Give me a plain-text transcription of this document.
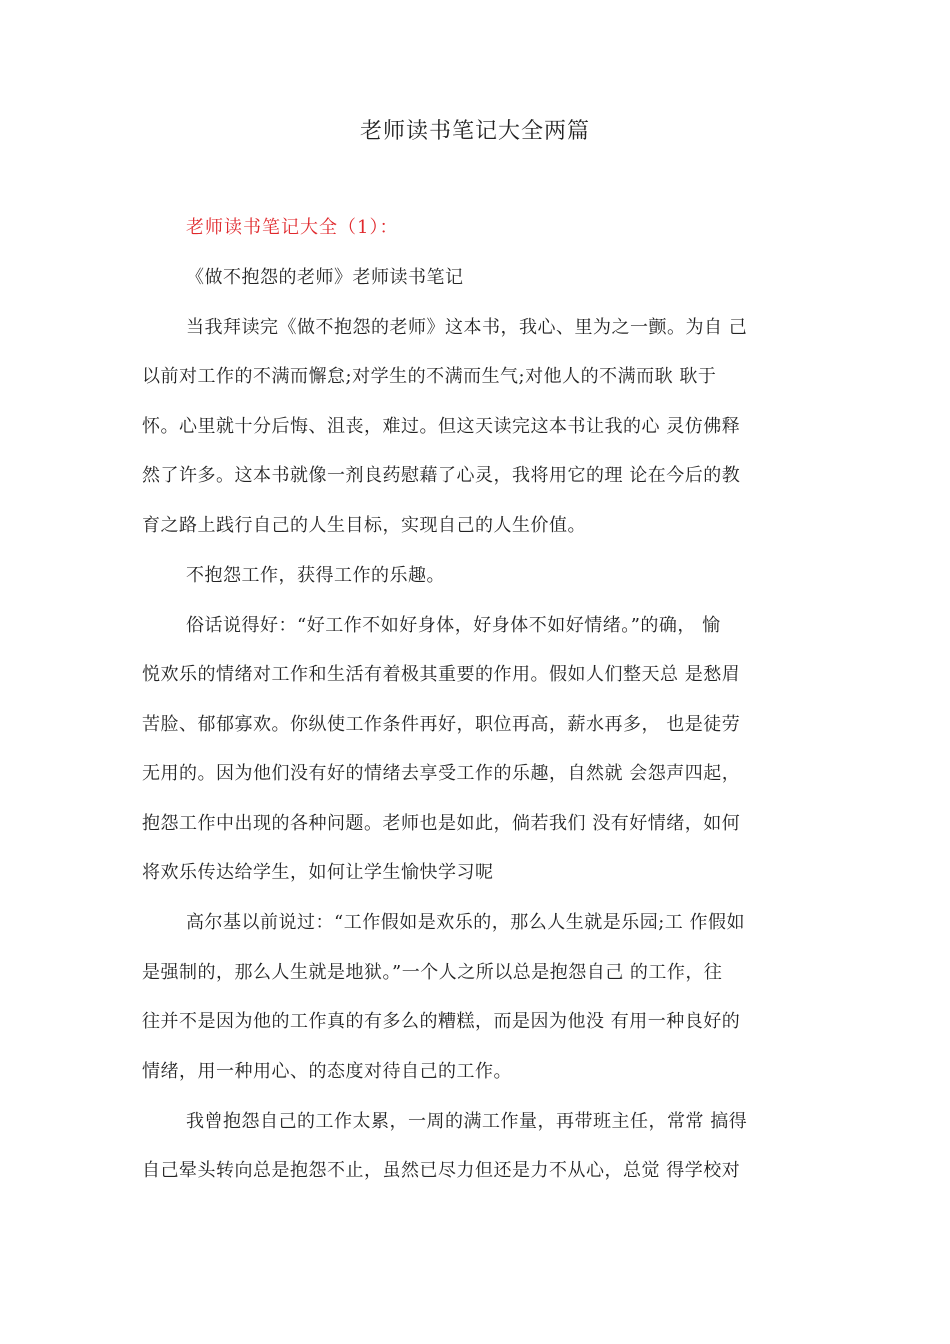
老师读书笔记大全两篇
老师读书笔记大全（1）：
《做不抱怨的老师》老师读书笔记
当我拜读完《做不抱怨的老师》这本书，我心、里为之一颤。为自 己
以前对工作的不满而懈怠;对学生的不满而生气;对他人的不满而耿 耿于
怀。心里就十分后悔、沮丧，难过。但这天读完这本书让我的心 灵仿佛释
然了许多。这本书就像一剂良药慰藉了心灵，我将用它的理 论在今后的教
育之路上践行自己的人生目标，实现自己的人生价值。
不抱怨工作，获得工作的乐趣。
俗话说得好：“好工作不如好身体，好身体不如好情绪。”的确， 愉
悦欢乐的情绪对工作和生活有着极其重要的作用。假如人们整天总 是愁眉
苦脸、郁郁寡欢。你纵使工作条件再好，职位再高，薪水再多， 也是徒劳
无用的。因为他们没有好的情绪去享受工作的乐趣，自然就 会怨声四起，
抱怨工作中出现的各种问题。老师也是如此，倘若我们 没有好情绪，如何
将欢乐传达给学生，如何让学生愉快学习呢
高尔基以前说过：“工作假如是欢乐的，那么人生就是乐园;工 作假如
是强制的，那么人生就是地狱。”一个人之所以总是抱怨自己 的工作，往
往并不是因为他的工作真的有多么的糟糕，而是因为他没 有用一种良好的
情绪，用一种用心、的态度对待自己的工作。
我曾抱怨自己的工作太累，一周的满工作量，再带班主任，常常 搞得
自己晕头转向总是抱怨不止，虽然已尽力但还是力不从心，总觉 得学校对
